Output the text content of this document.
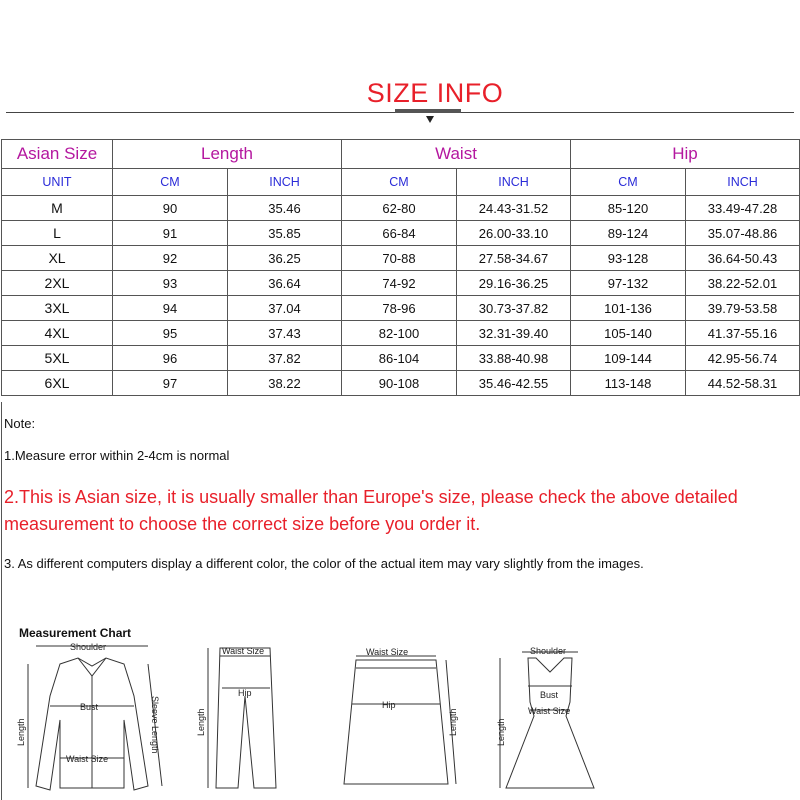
SIZE INFO
Asian Size	Length		Waist		Hip	
UNIT	CM	INCH	CM	INCH	CM	INCH
M	90	35.46	62-80	24.43-31.52	85-120	33.49-47.28
L	91	35.85	66-84	26.00-33.10	89-124	35.07-48.86
XL	92	36.25	70-88	27.58-34.67	93-128	36.64-50.43
2XL	93	36.64	74-92	29.16-36.25	97-132	38.22-52.01
3XL	94	37.04	78-96	30.73-37.82	101-136	39.79-53.58
4XL	95	37.43	82-100	32.31-39.40	105-140	41.37-55.16
5XL	96	37.82	86-104	33.88-40.98	109-144	42.95-56.74
6XL	97	38.22	90-108	35.46-42.55	113-148	44.52-58.31
Note:
1.Measure error within 2-4cm is normal
2.This is Asian size, it is usually smaller than Europe's size, please check the above detailed measurement to choose the correct size before you order it.
3. As different computers display a different color, the color of the actual item may vary slightly from the images.
Measurement Chart
Shoulder
Bust
Waist Size
Length	Sleeve Length
Waist Size
Hip
Length
Waist Size
Hip
Length
Shoulder
Bust
Waist Size
Length
